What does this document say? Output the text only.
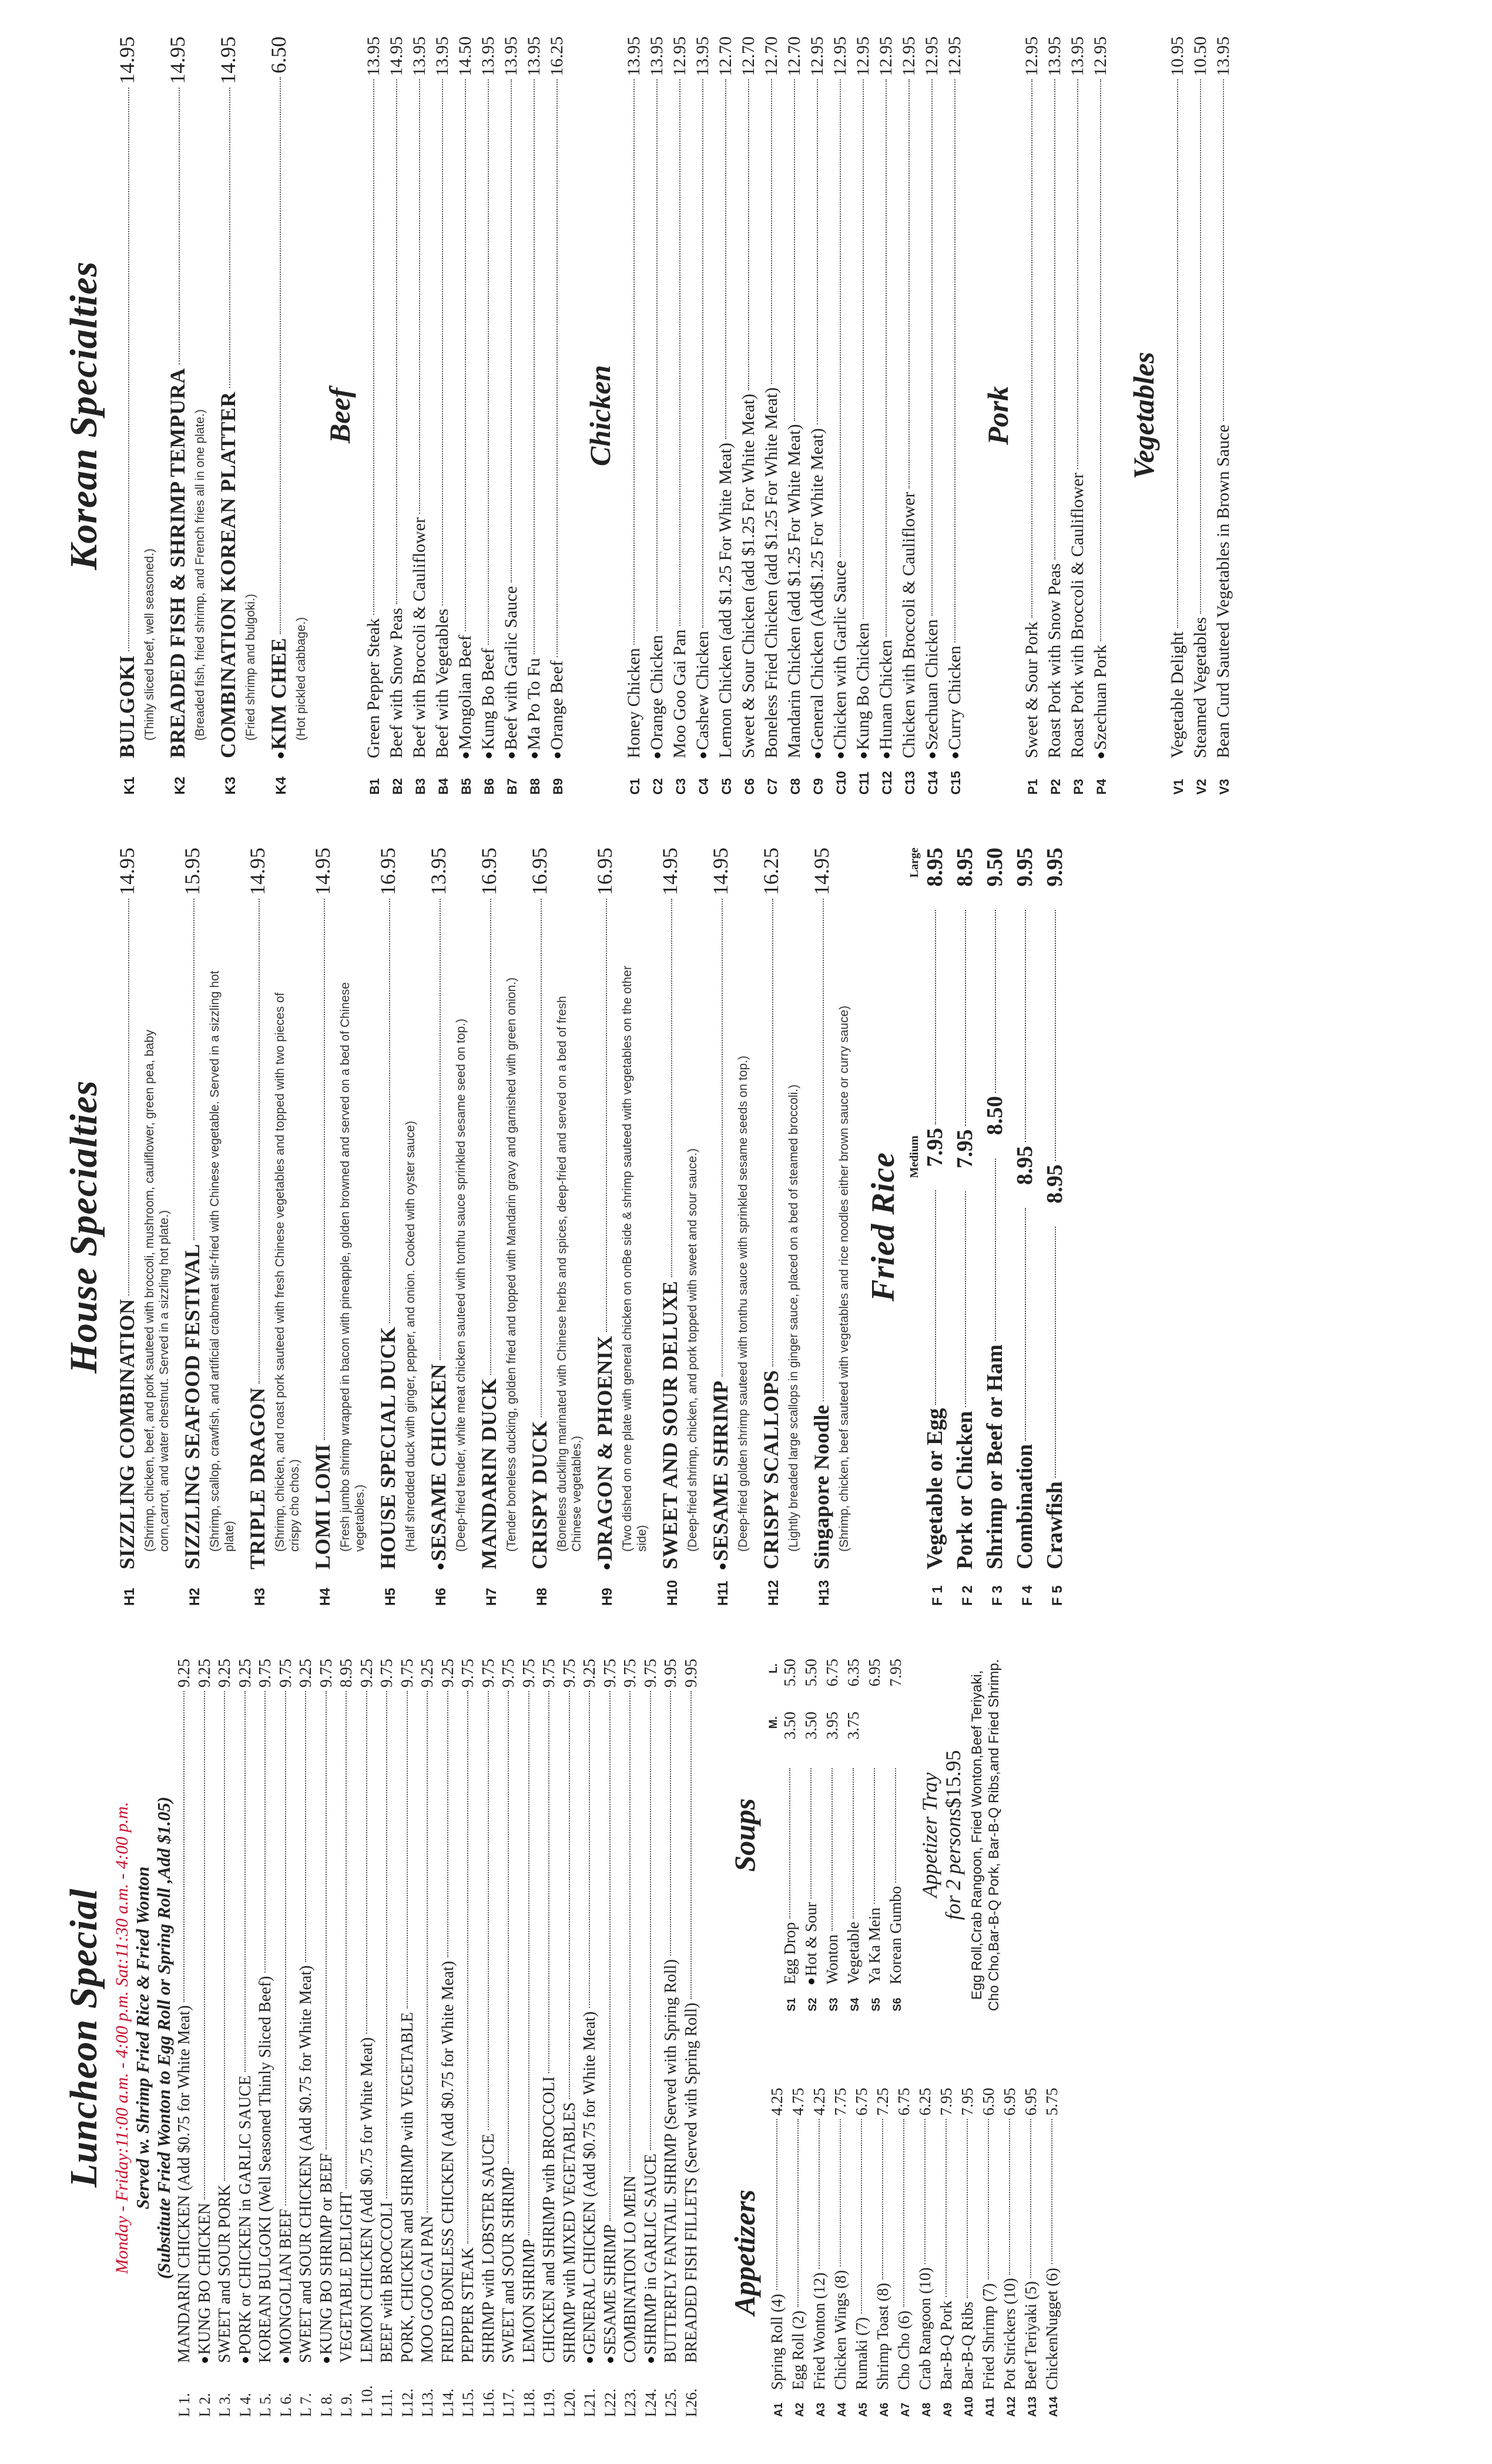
Luncheon Special Monday - Friday:11:00 a.m. - 4:00 p.m. Sat:11:30 a.m. - 4:00 p.m. Served w. Shrimp Fried Rice & Fried Wonton (Substitute Fried Wonton to Egg Roll or Spring Roll ,Add $1.05)
L 1.
MANDARIN CHICKEN (Add $0.75 for White Meat)
9.25
L 2.
KUNG BO CHICKEN
9.25
L 3.
SWEET and SOUR PORK
9.25
L 4.
PORK or CHICKEN in GARLIC SAUCE
9.25
L 5.
KOREAN BULGOKI (Well Seasoned Thinly Sliced Beef)
9.75
L 6.
MONGOLIAN BEEF
9.75
L 7.
SWEET and SOUR CHICKEN (Add $0.75 for White Meat)
9.25
L 8.
KUNG BO SHRIMP or BEEF
9.75
L 9.
VEGETABLE DELIGHT
8.95
L 10.
LEMON CHICKEN (Add $0.75 for White Meat)
9.25
L11.
BEEF with BROCCOLI
9.75
L12.
PORK, CHICKEN and SHRIMP with VEGETABLE
9.75
L13.
MOO GOO GAI PAN
9.25
L14.
FRIED BONELESS CHICKEN (Add $0.75 for White Meat)
9.25
L15.
PEPPER STEAK
9.75
L16.
SHRIMP with LOBSTER SAUCE
9.75
L17.
SWEET and SOUR SHRIMP
9.75
L18.
LEMON SHRIMP
9.75
L19.
CHICKEN and SHRIMP with BROCCOLI
9.75
L20.
SHRIMP with MIXED VEGETABLES
9.75
L21.
GENERAL CHICKEN (Add $0.75 for White Meat)
9.25
L22.
SESAME SHRIMP
9.75
L23.
COMBINATION LO MEIN
9.75
L24.
SHRIMP in GARLIC SAUCE
9.75
L25.
BUTTERFLY FANTAIL SHRIMP (Served with Spring Roll)
9.95
L26.
BREADED FISH FILLETS (Served with Spring Roll)
9.95
Appetizers
A1
Spring Roll (4)
4.25
A2
Egg Roll (2)
4.75
A3
Fried Wonton (12)
4.25
A4
Chicken Wings (8)
7.75
A5
Rumaki (7)
6.75
A6
Shrimp Toast (8)
7.25
A7
Cho Cho (6)
6.75
A8
Crab Rangoon (10)
6.25
A9
Bar-B-Q Pork
7.95
A10
Bar-B-Q Ribs
7.95
A11
Fried Shrimp (7)
6.50
A12
Pot Strickers (10)
6.95
A13
Beef Teriyaki (5)
6.95
A14
ChickenNugget (6)
5.75
Soups
M.
L.
S1
Egg Drop
3.50
5.50
S2
Hot & Sour
3.50
5.50
S3
Wonton
3.95
6.75
S4
Vegetable
3.75
6.35
S5
Ya Ka Mein
6.95
S6
Korean Gumbo
7.95
Appetizer Tray for 2 persons$15.95 Egg Roll,Crab Rangoon, Fried Wonton,Beef Teriyaki, Cho Cho,Bar-B-Q Pork, Bar-B-Q Ribs,and Fried Shrimp.
House Specialties
H1
SIZZLING COMBINATION
14.95
(Shrimp, chicken, beef, and pork sauteed with broccoli, mushroom, cauliflower, green pea, baby corn,carrot, and water chestnut. Served in a sizzling hot plate.)
H2
SIZZLING SEAFOOD FESTIVAL
15.95
(Shrimp, scallop, crawfish, and artificial crabmeat stir-fried with Chinese vegetable. Served in a sizzling hot plate)
H3
TRIPLE DRAGON
14.95
(Shrimp, chicken, and roast pork sauteed with fresh Chinese vegetables and topped with two pieces of crispy cho chos.)
H4
LOMI LOMI
14.95
(Fresh jumbo shrimp wrapped in bacon with pineapple, golden browned and served on a bed of Chinese vegetables.)
H5
HOUSE SPECIAL DUCK
16.95
(Half shredded duck with ginger, pepper, and onion. Cooked with oyster sauce)
H6
SESAME CHICKEN
13.95
(Deep-fried tender, white meat chicken sauteed with tonthu sauce sprinkled sesame seed on top.)
H7
MANDARIN DUCK
16.95
(Tender boneless ducking, golden fried and topped with Mandarin gravy and garnished with green onion.)
H8
CRISPY DUCK
16.95
(Boneless duckling marinated with Chinese herbs and spices, deep-fried and served on a bed of fresh Chinese vegetables.)
H9
DRAGON & PHOENIX
16.95
(Two dished on one plate with general chicken on onBe side & shrimp sauteed with vegetables on the other side)
H10
SWEET AND SOUR DELUXE
14.95
(Deep-fried shrimp, chicken, and pork topped with sweet and sour sauce.)
H11
SESAME SHRIMP
14.95
(Deep-fried golden shrimp sauteed with tonthu sauce with sprinkled sesame seeds on top.)
H12
CRISPY SCALLOPS
16.25
(Lightly breaded large scallops in ginger sauce, placed on a bed of steamed broccoli.)
H13
Singapore Noodle
14.95
(Shrimp, chicken, beef sauteed with vegetables and rice noodles either brown sauce or curry sauce) Fried Rice Medium
Large
F 1
Vegetable or Egg
7.95
8.95
F 2
Pork or Chicken
7.95
8.95
F 3
Shrimp or Beef or Ham
8.50
9.50
F 4
Combination
8.95
9.95
F 5
Crawfish
8.95
9.95
Korean Specialties
K1
BULGOKI
14.95
(Thinly sliced beef, well seasoned.)
K2
BREADED FISH & SHRIMP TEMPURA
14.95
(Breaded fish, fried shrimp, and French fries all in one plate.)
K3
COMBINATION KOREAN PLATTER
14.95
(Fried shrimp and bulgoki.)
K4
KIM CHEE
6.50
(Hot pickled cabbage.)
Beef
B1
Green Pepper Steak
13.95
B2
Beef with Snow Peas
14.95
B3
Beef with Broccoli & Cauliflower
13.95
B4
Beef with Vegetables
13.95
B5
Mongolian Beef
14.50
B6
Kung Bo Beef
13.95
B7
Beef with Garlic Sauce
13.95
B8
Ma Po To Fu
13.95
B9
Orange Beef
16.25
Chicken
C1
Honey Chicken
13.95
C2
Orange Chicken
13.95
C3
Moo Goo Gai Pan
12.95
C4
Cashew Chicken
13.95
C5
Lemon Chicken (add $1.25 For White Meat)
12.70
C6
Sweet & Sour Chicken (add $1.25 For White Meat)
12.70
C7
Boneless Fried Chicken (add $1.25 For White Meat)
12.70
C8
Mandarin Chicken (add $1.25 For White Meat)
12.70
C9
General Chicken (Add$1.25 For White Meat)
12.95
C10
Chicken with Garlic Sauce
12.95
C11
Kung Bo Chicken
12.95
C12
Hunan Chicken
12.95
C13
Chicken with Broccoli & Cauliflower
12.95
C14
Szechuan Chicken
12.95
C15
Curry Chicken
12.95
Pork
P1
Sweet & Sour Pork
12.95
P2
Roast Pork with Snow Peas
13.95
P3
Roast Pork with Broccoli & Cauliflower
13.95
P4
Szechuan Pork
12.95
Vegetables
V1
Vegetable Delight
10.95
V2
Steamed Vegetables
10.50
V3
Bean Curd Sauteed Vegetables in Brown Sauce
13.95
